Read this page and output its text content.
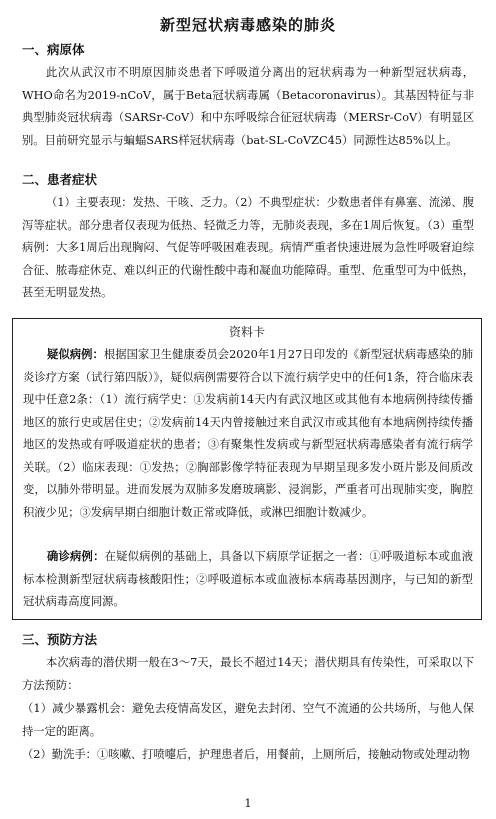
新型冠状病毒感染的肺炎
一、病原体

此次从武汉市不明原因肺炎患者下呼吸道分离出的冠状病毒为一种新型冠状病毒，WHO命名为2019-nCoV，属于Beta冠状病毒属（Betacoronavirus）。其基因特征与非典型肺炎冠状病毒（SARSr-CoV）和中东呼吸综合征冠状病毒（MERSr-CoV）有明显区别。目前研究显示与蝙蝠SARS样冠状病毒（bat-SL-CoVZC45）同源性达85%以上。

二、患者症状

（1）主要表现：发热、干咳、乏力。（2）不典型症状：少数患者伴有鼻塞、流涕、腹泻等症状。部分患者仅表现为低热、轻微乏力等，无肺炎表现，多在1周后恢复。（3）重型病例：大多1周后出现胸闷、气促等呼吸困难表现。病情严重者快速进展为急性呼吸窘迫综合征、脓毒症休克、难以纠正的代谢性酸中毒和凝血功能障碍。重型、危重型可为中低热，甚至无明显发热。

资料卡

疑似病例：根据国家卫生健康委员会2020年1月27日印发的《新型冠状病毒感染的肺炎诊疗方案（试行第四版）》，疑似病例需要符合以下流行病学史中的任何1条，符合临床表现中任意2条：（1）流行病学史：①发病前14天内有武汉地区或其他有本地病例持续传播地区的旅行史或居住史；②发病前14天内曾接触过来自武汉市或其他有本地病例持续传播地区的发热或有呼吸道症状的患者；③有聚集性发病或与新型冠状病毒感染者有流行病学关联。（2）临床表现：①发热；②胸部影像学特征表现为早期呈现多发小斑片影及间质改变，以肺外带明显。进而发展为双肺多发磨玻璃影、浸润影，严重者可出现肺实变，胸腔积液少见；③发病早期白细胞计数正常或降低，或淋巴细胞计数减少。

确诊病例：在疑似病例的基础上，具备以下病原学证据之一者：①呼吸道标本或血液标本检测新型冠状病毒核酸阳性；②呼吸道标本或血液标本病毒基因测序，与已知的新型冠状病毒高度同源。

三、预防方法

本次病毒的潜伏期一般在3～7天，最长不超过14天；潜伏期具有传染性，可采取以下方法预防：

（1）减少暴露机会：避免去疫情高发区，避免去封闭、空气不流通的公共场所，与他人保持一定的距离。

（2）勤洗手：①咳嗽、打喷嚏后，护理患者后，用餐前，上厕所后，接触动物或处理动物

1
